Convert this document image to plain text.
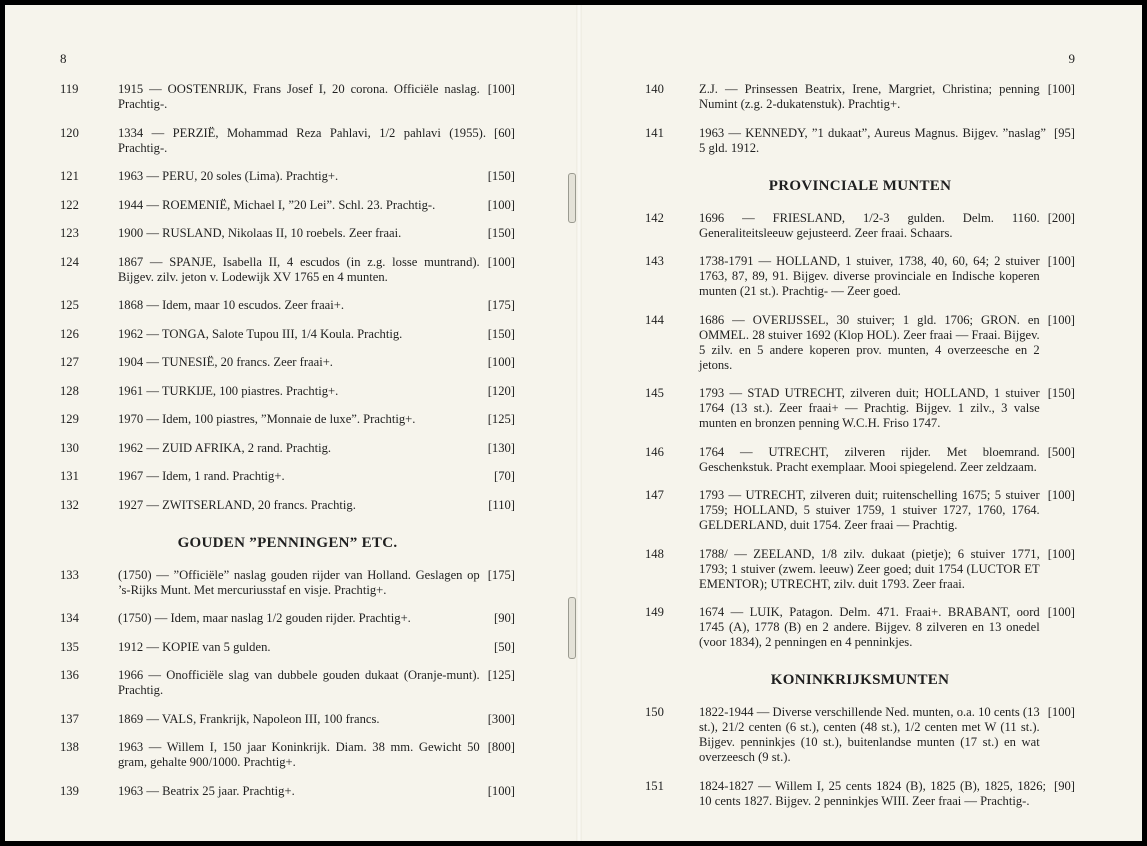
8
119	1915 — OOSTENRIJK, Frans Josef I, 20 corona. Officiële naslag. Prachtig-.
[100]
120	1334 — PERZIË, Mohammad Reza Pahlavi, 1/2 pahlavi (1955). Prachtig-.
[60]
121	1963 — PERU, 20 soles (Lima). Prachtig+.	[150]
122	1944 — ROEMENIË, Michael I, ”20 Lei”. Schl. 23. Prachtig-.	[100]
123	1900 — RUSLAND, Nikolaas II, 10 roebels. Zeer fraai.	[150]
124	1867 — SPANJE, Isabella II, 4 escudos (in z.g. losse muntrand). Bijgev. zilv. jeton v. Lodewijk XV 1765 en 4 munten.
[100]
125	1868 — Idem, maar 10 escudos. Zeer fraai+.	[175]
126	1962 — TONGA, Salote Tupou III, 1/4 Koula. Prachtig.	[150]
127	1904 — TUNESIË, 20 francs. Zeer fraai+.	[100]
128	1961 — TURKIJE, 100 piastres. Prachtig+.	[120]
129	1970 — Idem, 100 piastres, ”Monnaie de luxe”. Prachtig+.	[125]
130	1962 — ZUID AFRIKA, 2 rand. Prachtig.	[130]
131	1967 — Idem, 1 rand. Prachtig+.	[70]
132	1927 — ZWITSERLAND, 20 francs. Prachtig.	[110]
GOUDEN ”PENNINGEN” ETC.
133	(1750) — ”Officiële” naslag gouden rijder van Holland. Geslagen op ’s-Rijks Munt. Met mercuriusstaf en visje. Prachtig+.
[175]
134	(1750) — Idem, maar naslag 1/2 gouden rijder. Prachtig+.	[90]
135	1912 — KOPIE van 5 gulden.	[50]
136	1966 — Onofficiële slag van dubbele gouden dukaat (Oranje-munt). Prachtig.
[125]
137	1869 — VALS, Frankrijk, Napoleon III, 100 francs.	[300]
138	1963 — Willem I, 150 jaar Koninkrijk. Diam. 38 mm. Gewicht 50 gram, gehalte 900/1000. Prachtig+.
[800]
139	1963 — Beatrix 25 jaar. Prachtig+.	[100]
9
140	Z.J. — Prinsessen Beatrix, Irene, Margriet, Christina; penning Numint (z.g. 2-dukatenstuk). Prachtig+.
[100]
141	1963 — KENNEDY, ”1 dukaat”, Aureus Magnus. Bijgev. ”naslag” 5 gld. 1912.
[95]
PROVINCIALE MUNTEN
142	1696 — FRIESLAND, 1/2-3 gulden. Delm. 1160. Generaliteitsleeuw gejusteerd. Zeer fraai. Schaars.
[200]
143	1738-1791 — HOLLAND, 1 stuiver, 1738, 40, 60, 64; 2 stuiver 1763, 87, 89, 91. Bijgev. diverse provinciale en Indische koperen munten (21 st.). Prachtig- — Zeer goed.
[100]
144	1686 — OVERIJSSEL, 30 stuiver; 1 gld. 1706; GRON. en OMMEL. 28 stuiver 1692 (Klop HOL). Zeer fraai — Fraai. Bijgev. 5 zilv. en 5 andere koperen prov. munten, 4 overzeesche en 2 jetons.
[100]
145	1793 — STAD UTRECHT, zilveren duit; HOLLAND, 1 stuiver 1764 (13 st.). Zeer fraai+ — Prachtig. Bijgev. 1 zilv., 3 valse munten en bronzen penning W.C.H. Friso 1747.
[150]
146	1764 — UTRECHT, zilveren rijder. Met bloemrand. Geschenkstuk. Pracht exemplaar. Mooi spiegelend. Zeer zeldzaam.
[500]
147	1793 — UTRECHT, zilveren duit; ruitenschelling 1675; 5 stuiver 1759; HOLLAND, 5 stuiver 1759, 1 stuiver 1727, 1760, 1764. GELDERLAND, duit 1754. Zeer fraai — Prachtig.
[100]
148	1788/ — ZEELAND, 1/8 zilv. dukaat (pietje); 6 stuiver 1771, 1793; 1 stuiver (zwem. leeuw) Zeer goed; duit 1754 (LUCTOR ET EMENTOR); UTRECHT, zilv. duit 1793. Zeer fraai.
[100]
149	1674 — LUIK, Patagon. Delm. 471. Fraai+. BRABANT, oord 1745 (A), 1778 (B) en 2 andere. Bijgev. 8 zilveren en 13 onedel (voor 1834), 2 penningen en 4 penninkjes.
[100]
KONINKRIJKSMUNTEN
150	1822-1944 — Diverse verschillende Ned. munten, o.a. 10 cents (13 st.), 21/2 centen (6 st.), centen (48 st.), 1/2 centen met W (11 st.). Bijgev. penninkjes (10 st.), buitenlandse munten (17 st.) en wat overzeesch (9 st.).
[100]
151	1824-1827 — Willem I, 25 cents 1824 (B), 1825 (B), 1825, 1826; 10 cents 1827. Bijgev. 2 penninkjes WIII. Zeer fraai — Prachtig-.
[90]
